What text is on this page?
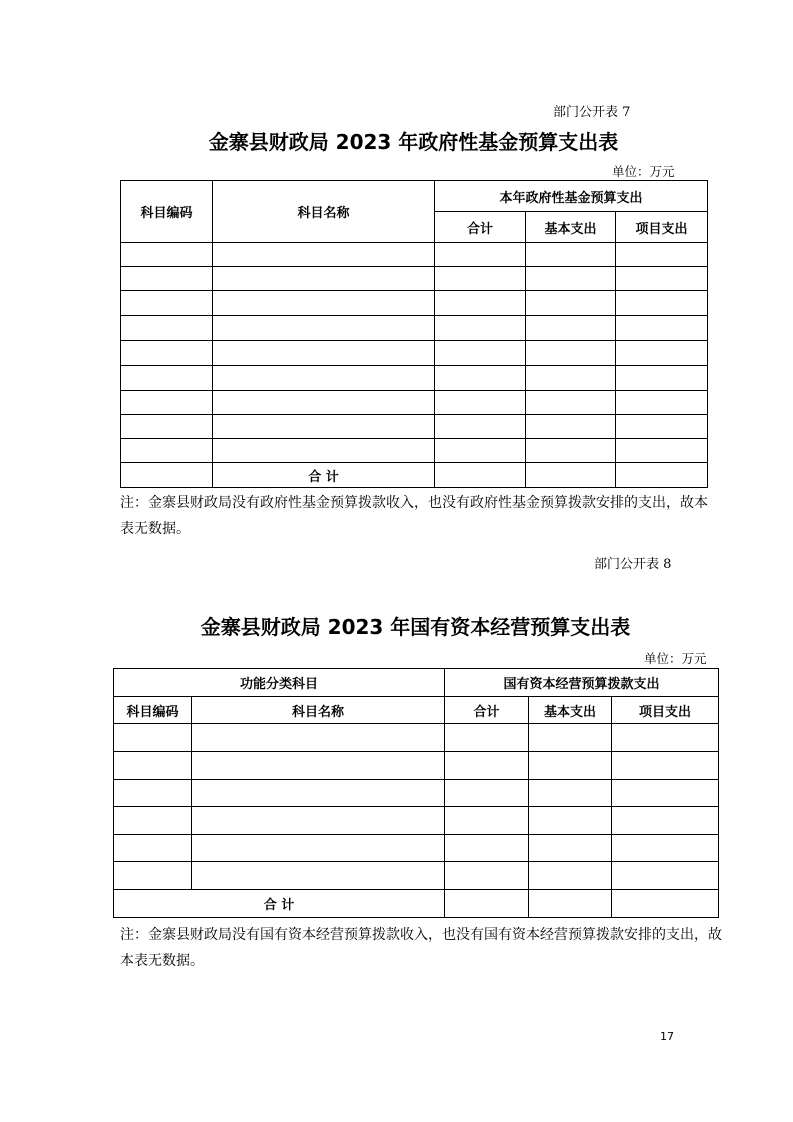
部门公开表 7
金寨县财政局 2023 年政府性基金预算支出表
单位：万元
科目编码	科目名称	本年政府性基金预算支出		
		合计	基本支出	项目支出

	合 计			
注：金寨县财政局没有政府性基金预算拨款收入，也没有政府性基金预算拨款安排的支出，故本表无数据。
部门公开表 8
金寨县财政局 2023 年国有资本经营预算支出表
单位：万元
功能分类科目		国有资本经营预算拨款支出		
科目编码	科目名称	合计	基本支出	项目支出

合 计				
注：金寨县财政局没有国有资本经营预算拨款收入，也没有国有资本经营预算拨款安排的支出，故本表无数据。
17
